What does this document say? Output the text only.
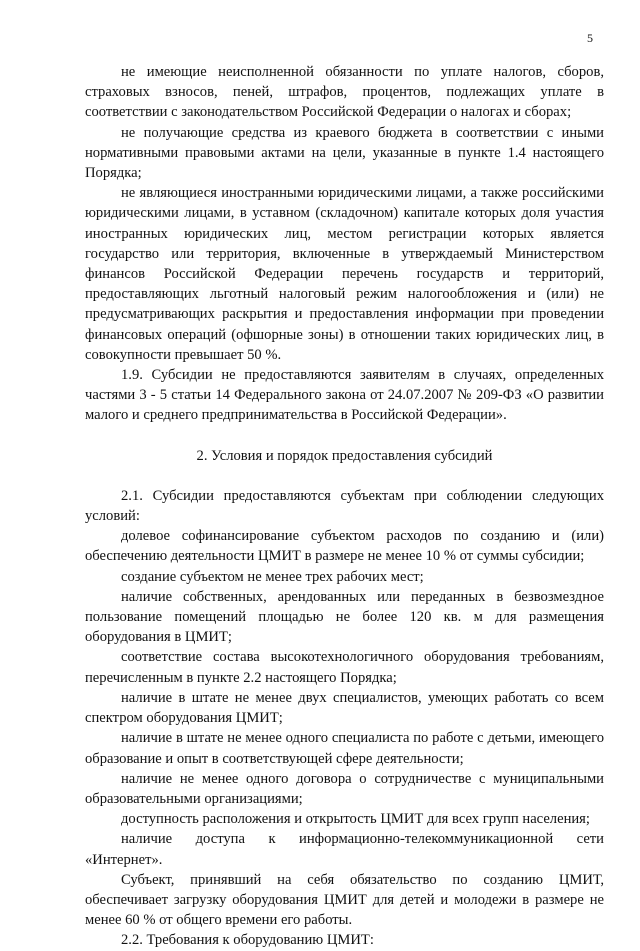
5

не имеющие неисполненной обязанности по уплате налогов, сборов, страховых взносов, пеней, штрафов, процентов, подлежащих уплате в соответствии с законодательством Российской Федерации о налогах и сборах;

не получающие средства из краевого бюджета в соответствии с иными нормативными правовыми актами на цели, указанные в пункте 1.4 настоящего Порядка;

не являющиеся иностранными юридическими лицами, а также российскими юридическими лицами, в уставном (складочном) капитале которых доля участия иностранных юридических лиц, местом регистрации которых является государство или территория, включенные в утверждаемый Министерством финансов Российской Федерации перечень государств и территорий, предоставляющих льготный налоговый режим налогообложения и (или) не предусматривающих раскрытия и предоставления информации при проведении финансовых операций (офшорные зоны) в отношении таких юридических лиц, в совокупности превышает 50 %.

1.9. Субсидии не предоставляются заявителям в случаях, определенных частями 3 - 5 статьи 14 Федерального закона от 24.07.2007 № 209-ФЗ «О развитии малого и среднего предпринимательства в Российской Федерации».

2. Условия и порядок предоставления субсидий

2.1. Субсидии предоставляются субъектам при соблюдении следующих условий:

долевое софинансирование субъектом расходов по созданию и (или) обеспечению деятельности ЦМИТ в размере не менее 10 % от суммы субсидии;

создание субъектом не менее трех рабочих мест;

наличие собственных, арендованных или переданных в безвозмездное пользование помещений площадью не более 120 кв. м для размещения оборудования в ЦМИТ;

соответствие состава высокотехнологичного оборудования требованиям, перечисленным в пункте 2.2 настоящего Порядка;

наличие в штате не менее двух специалистов, умеющих работать со всем спектром оборудования ЦМИТ;

наличие в штате не менее одного специалиста по работе с детьми, имеющего образование и опыт в соответствующей сфере деятельности;

наличие не менее одного договора о сотрудничестве с муниципальными образовательными организациями;

доступность расположения и открытость ЦМИТ для всех групп населения;

наличие доступа к информационно-телекоммуникационной сети «Интернет».

Субъект, принявший на себя обязательство по созданию ЦМИТ, обеспечивает загрузку оборудования ЦМИТ для детей и молодежи в размере не менее 60 % от общего времени его работы.

2.2. Требования к оборудованию ЦМИТ:
